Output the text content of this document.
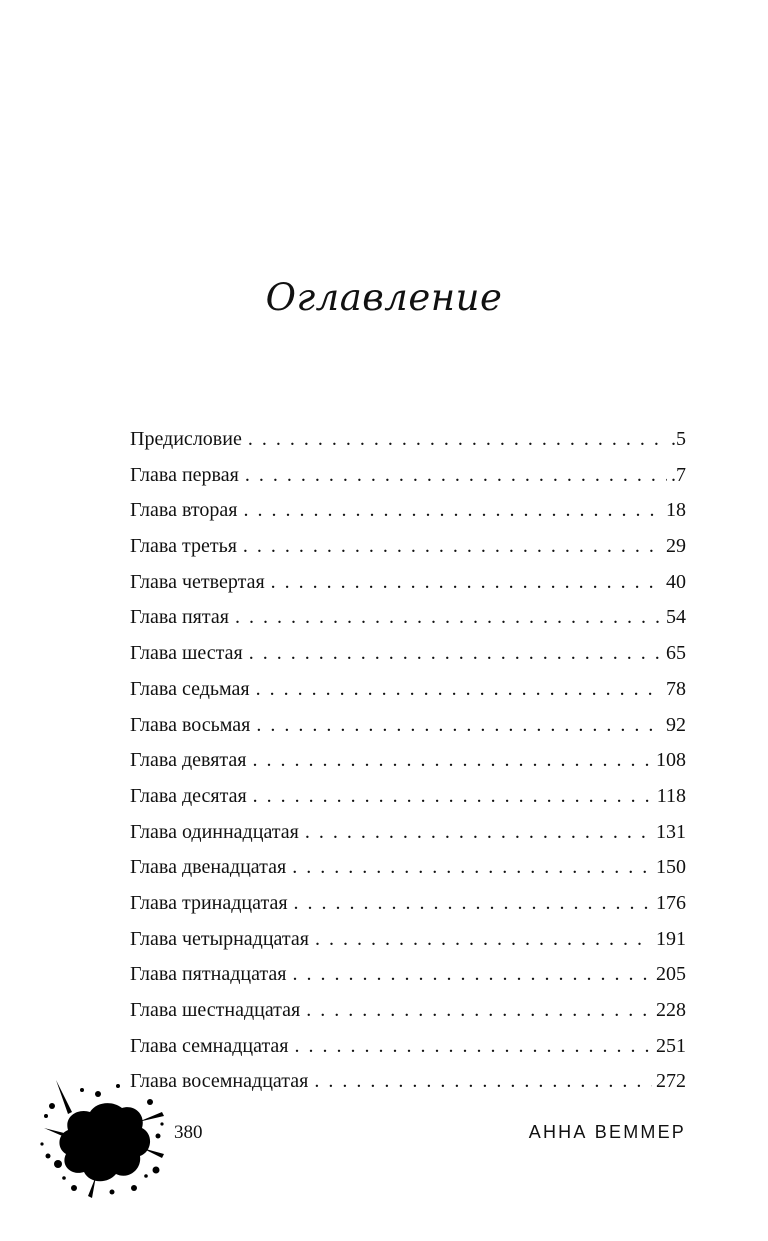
Оглавление
Предисловие . . .	.5
Глава первая . . .	.7
Глава вторая . . .	18
Глава третья . . .	29
Глава четвертая . . .	40
Глава пятая . . .	54
Глава шестая . . .	65
Глава седьмая . . .	78
Глава восьмая . . .	92
Глава девятая . . .	108
Глава десятая . . .	118
Глава одиннадцатая . . .	131
Глава двенадцатая . . .	150
Глава тринадцатая . . .	176
Глава четырнадцатая . . .	191
Глава пятнадцатая . . .	205
Глава шестнадцатая . . .	228
Глава семнадцатая . . .	251
Глава восемнадцатая . . .	272
380	АННА ВЕММЕР
